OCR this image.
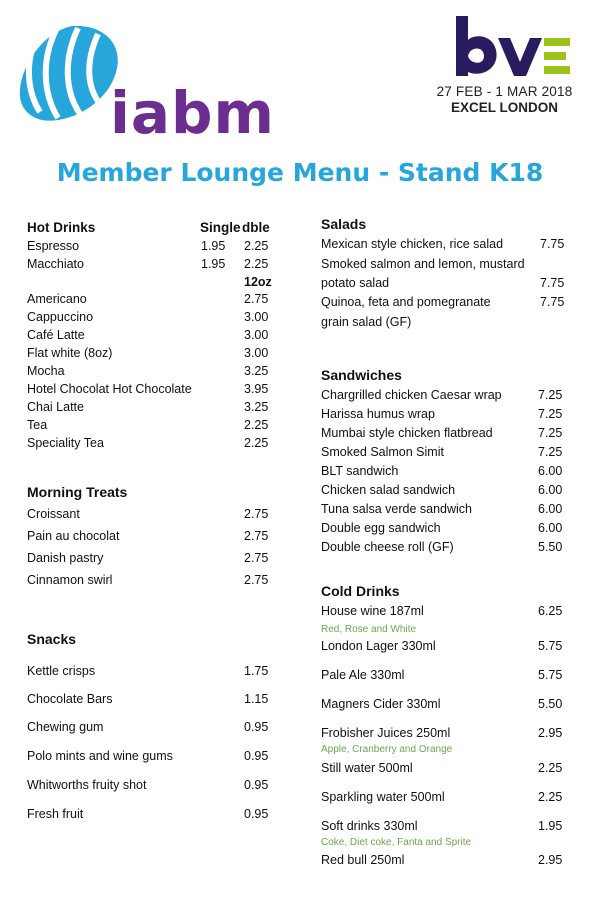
iabm	27 FEB - 1 MAR 2018
EXCEL LONDON
Member Lounge Menu - Stand K18
Hot Drinks	Single dble
Espresso	1.95 2.25
Macchiato	1.95 2.25
12oz
Americano	2.75
Cappuccino	3.00
Café Latte	3.00
Flat white (8oz)	3.00
Mocha	3.25
Hotel Chocolat Hot Chocolate	3.95
Chai Latte	3.25
Tea	2.25
Speciality Tea	2.25
Morning Treats
Croissant	2.75
Pain au chocolat	2.75
Danish pastry	2.75
Cinnamon swirl	2.75
Snacks
Kettle crisps	1.75
Chocolate Bars	1.15
Chewing gum	0.95
Polo mints and wine gums	0.95
Whitworths fruity shot	0.95
Fresh fruit	0.95
Salads
Mexican style chicken, rice salad	7.75
Smoked salmon and lemon, mustard
potato salad	7.75
Quinoa, feta and pomegranate	7.75
grain salad (GF)
Sandwiches
Chargrilled chicken Caesar wrap	7.25
Harissa humus wrap	7.25
Mumbai style chicken flatbread	7.25
Smoked Salmon Simit	7.25
BLT sandwich	6.00
Chicken salad sandwich	6.00
Tuna salsa verde sandwich	6.00
Double egg sandwich	6.00
Double cheese roll (GF)	5.50
Cold Drinks
House wine 187ml	6.25
Red, Rose and White
London Lager 330ml	5.75
Pale Ale 330ml	5.75
Magners Cider 330ml	5.50
Frobisher Juices 250ml	2.95
Apple, Cranberry and Orange
Still water 500ml	2.25
Sparkling water 500ml	2.25
Soft drinks 330ml	1.95
Coke, Diet coke, Fanta and Sprite
Red bull 250ml	2.95
